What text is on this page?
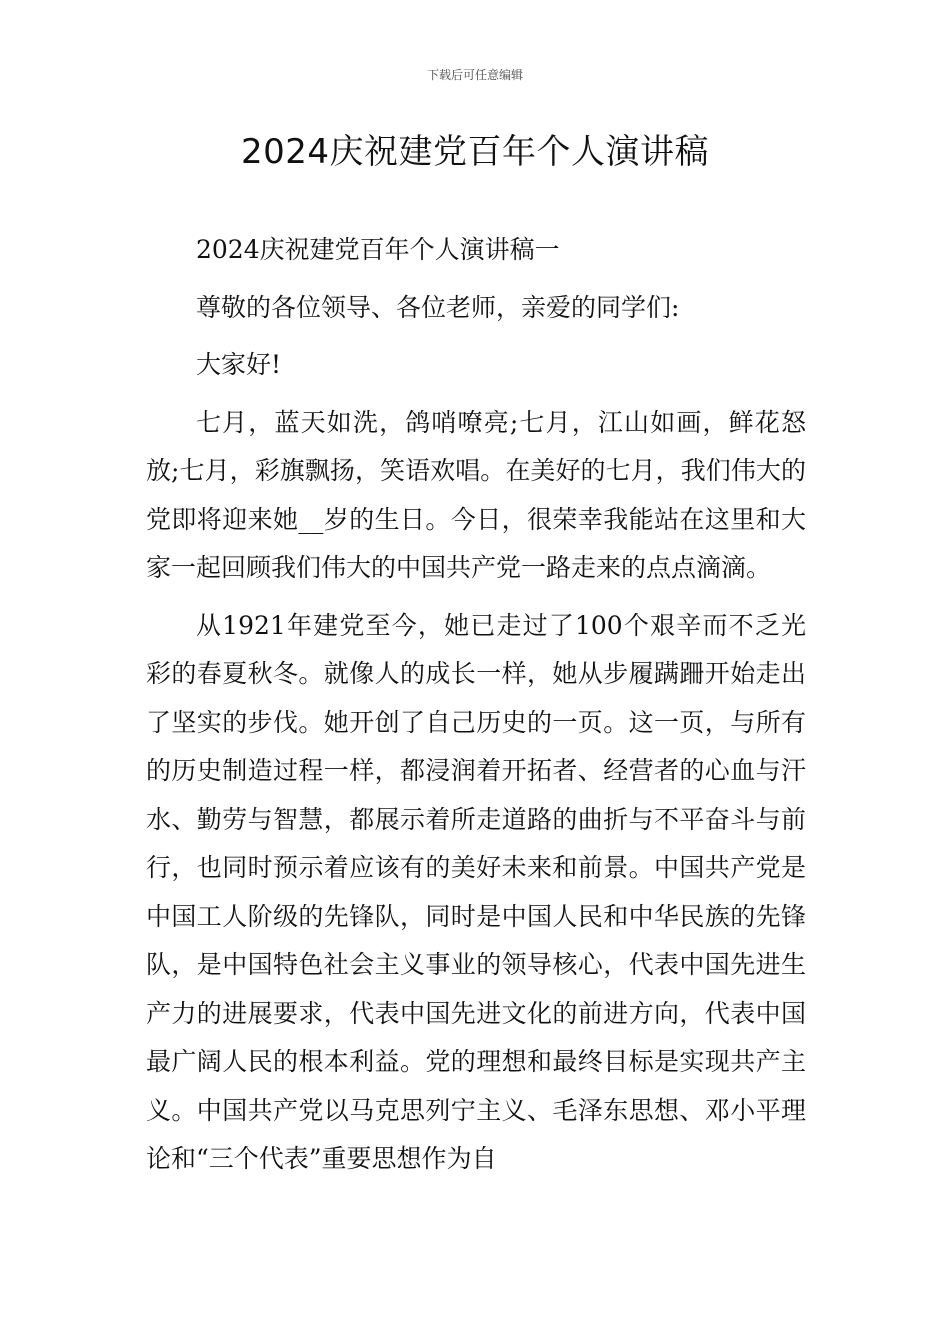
下载后可任意编辑
2024庆祝建党百年个人演讲稿

2024庆祝建党百年个人演讲稿一

尊敬的各位领导、各位老师，亲爱的同学们:

大家好!

七月，蓝天如洗，鸽哨嘹亮;七月，江山如画，鲜花怒放;七月，彩旗飘扬，笑语欢唱。在美好的七月，我们伟大的党即将迎来她__岁的生日。今日，很荣幸我能站在这里和大家一起回顾我们伟大的中国共产党一路走来的点点滴滴。

从1921年建党至今，她已走过了100个艰辛而不乏光彩的春夏秋冬。就像人的成长一样，她从步履蹒跚开始走出了坚实的步伐。她开创了自己历史的一页。这一页，与所有的历史制造过程一样，都浸润着开拓者、经营者的心血与汗水、勤劳与智慧，都展示着所走道路的曲折与不平奋斗与前行，也同时预示着应该有的美好未来和前景。中国共产党是中国工人阶级的先锋队，同时是中国人民和中华民族的先锋队，是中国特色社会主义事业的领导核心，代表中国先进生产力的进展要求，代表中国先进文化的前进方向，代表中国最广阔人民的根本利益。党的理想和最终目标是实现共产主义。中国共产党以马克思列宁主义、毛泽东思想、邓小平理论和“三个代表”重要思想作为自
